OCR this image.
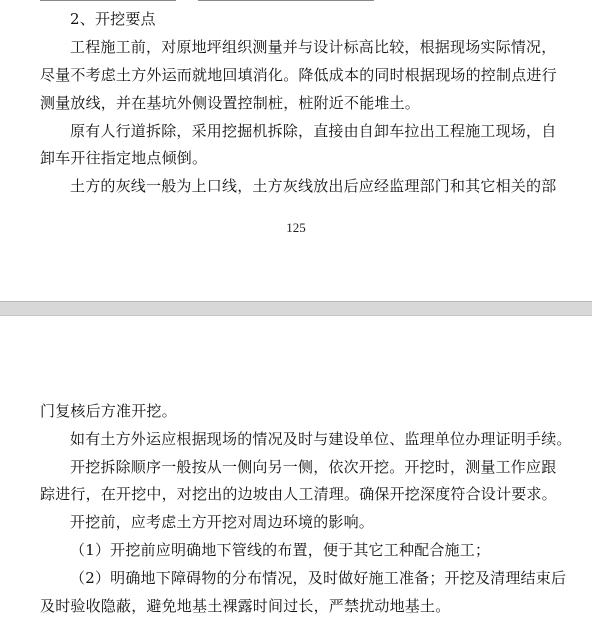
2、开挖要点
工程施工前，对原地坪组织测量并与设计标高比较，根据现场实际情况，
尽量不考虑土方外运而就地回填消化。降低成本的同时根据现场的控制点进行
测量放线，并在基坑外侧设置控制桩，桩附近不能堆土。
原有人行道拆除，采用挖掘机拆除，直接由自卸车拉出工程施工现场，自
卸车开往指定地点倾倒。
土方的灰线一般为上口线，土方灰线放出后应经监理部门和其它相关的部
125
门复核后方准开挖。
如有土方外运应根据现场的情况及时与建设单位、监理单位办理证明手续。
开挖拆除顺序一般按从一侧向另一侧，依次开挖。开挖时，测量工作应跟
踪进行，在开挖中，对挖出的边坡由人工清理。确保开挖深度符合设计要求。
开挖前，应考虑土方开挖对周边环境的影响。
（1）开挖前应明确地下管线的布置，便于其它工种配合施工；
（2）明确地下障碍物的分布情况，及时做好施工准备；开挖及清理结束后
及时验收隐蔽，避免地基土裸露时间过长，严禁扰动地基土。
